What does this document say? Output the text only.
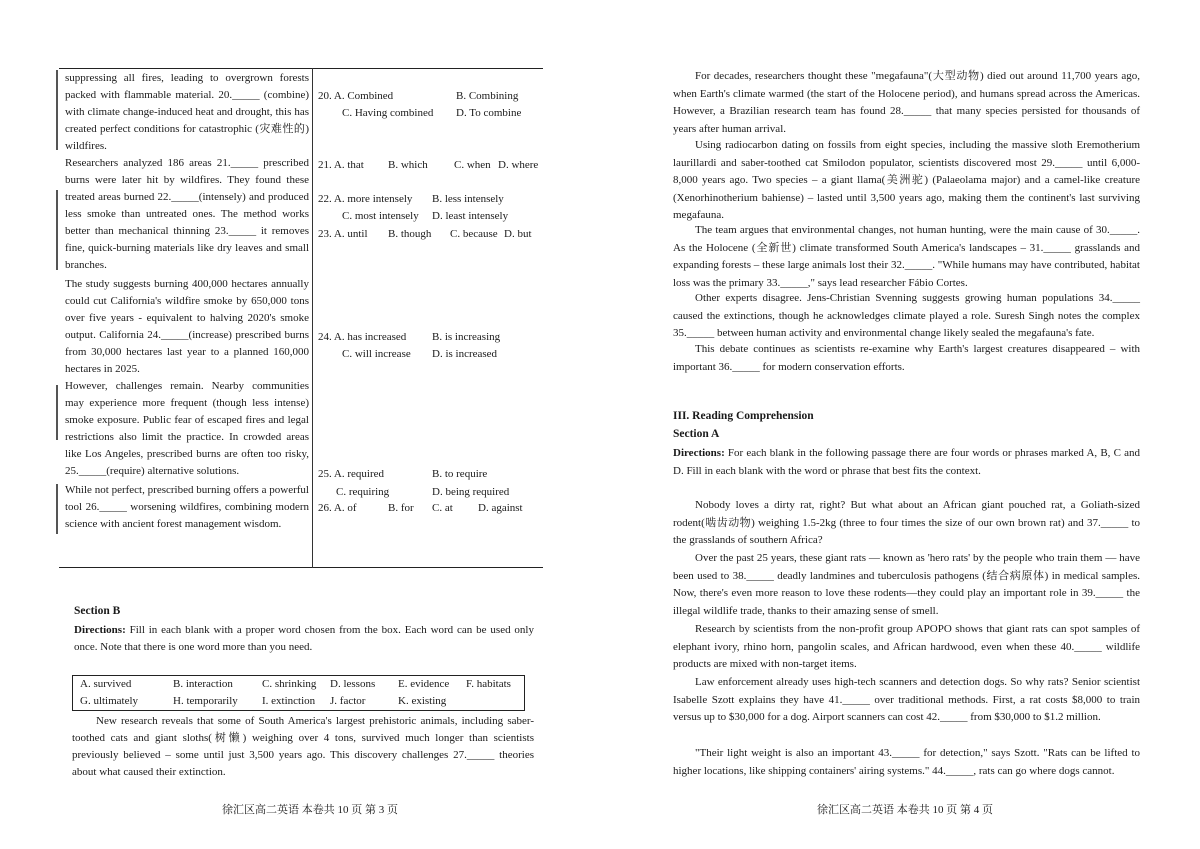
suppressing all fires, leading to overgrown forests packed with flammable material. 20._____ (combine) with climate change-induced heat and drought, this has created perfect conditions for catastrophic (灾难性的) wildfires.
Researchers analyzed 186 areas 21._____ prescribed burns were later hit by wildfires. They found these treated areas burned 22._____(intensely) and produced less smoke than untreated ones. The method works better than mechanical thinning 23._____ it removes fine, quick-burning materials like dry leaves and small branches.
The study suggests burning 400,000 hectares annually could cut California's wildfire smoke by 650,000 tons over five years - equivalent to halving 2020's smoke output. California 24._____(increase) prescribed burns from 30,000 hectares last year to a planned 160,000 hectares in 2025.
However, challenges remain. Nearby communities may experience more frequent (though less intense) smoke exposure. Public fear of escaped fires and legal restrictions also limit the practice. In crowded areas like Los Angeles, prescribed burns are often too risky, 25._____(require) alternative solutions.
While not perfect, prescribed burning offers a powerful tool 26._____ worsening wildfires, combining modern science with ancient forest management wisdom.
20. A. Combined	B. Combining
C. Having combined D. To combine
21. A. that B. which C. when D. where
22. A. more intensely B. less intensely
C. most intensely D. least intensely
23. A. until B. though C. because D. but
24. A. has increased B. is increasing
C. will increase D. is increased
25. A. required	B. to require
C. requiring	D. being required
26. A. of	B. for C. at D. against
Section B
Directions: Fill in each blank with a proper word chosen from the box. Each word can be used only once. Note that there is one word more than you need.
A. survived	B. interaction	C. shrinking D. lessons E. evidence F. habitats
G. ultimately	H. temporarily I. extinction J. factor	K. existing
New research reveals that some of South America's largest prehistoric animals, including saber-toothed cats and giant sloths(树懒) weighing over 4 tons, survived much longer than scientists previously believed – some until just 3,500 years ago. This discovery challenges 27._____ theories about what caused their extinction.
徐汇区高二英语 本卷共 10 页 第 3 页
For decades, researchers thought these "megafauna"(大型动物) died out around 11,700 years ago, when Earth's climate warmed (the start of the Holocene period), and humans spread across the Americas. However, a Brazilian research team has found 28._____ that many species persisted for thousands of years after human arrival.
Using radiocarbon dating on fossils from eight species, including the massive sloth Eremotherium laurillardi and saber-toothed cat Smilodon populator, scientists discovered most 29._____ until 6,000-8,000 years ago. Two species – a giant llama(美洲驼) (Palaeolama major) and a camel-like creature (Xenorhinotherium bahiense) – lasted until 3,500 years ago, making them the continent's last surviving megafauna.
The team argues that environmental changes, not human hunting, were the main cause of 30._____. As the Holocene (全新世) climate transformed South America's landscapes – 31._____ grasslands and expanding forests – these large animals lost their 32._____. "While humans may have contributed, habitat loss was the primary 33._____," says lead researcher Fábio Cortes.
Other experts disagree. Jens-Christian Svenning suggests growing human populations 34._____ caused the extinctions, though he acknowledges climate played a role. Suresh Singh notes the complex 35._____ between human activity and environmental change likely sealed the megafauna's fate.
This debate continues as scientists re-examine why Earth's largest creatures disappeared – with important 36._____ for modern conservation efforts.
III. Reading Comprehension
Section A
Directions: For each blank in the following passage there are four words or phrases marked A, B, C and D. Fill in each blank with the word or phrase that best fits the context.
Nobody loves a dirty rat, right? But what about an African giant pouched rat, a Goliath-sized rodent(啮齿动物) weighing 1.5-2kg (three to four times the size of our own brown rat) and 37._____ to the grasslands of southern Africa?
Over the past 25 years, these giant rats — known as 'hero rats' by the people who train them — have been used to 38._____ deadly landmines and tuberculosis pathogens (结合病原体) in medical samples. Now, there's even more reason to love these rodents—they could play an important role in 39._____ the illegal wildlife trade, thanks to their amazing sense of smell.
Research by scientists from the non-profit group APOPO shows that giant rats can spot samples of elephant ivory, rhino horn, pangolin scales, and African hardwood, even when these 40._____ wildlife products are mixed with non-target items.
Law enforcement already uses high-tech scanners and detection dogs. So why rats? Senior scientist Isabelle Szott explains they have 41._____ over traditional methods. First, a rat costs $8,000 to train versus up to $30,000 for a dog. Airport scanners can cost 42._____ from $30,000 to $1.2 million.
"Their light weight is also an important 43._____ for detection," says Szott. "Rats can be lifted to higher locations, like shipping containers' airing systems." 44._____, rats can go where dogs cannot.
徐汇区高二英语 本卷共 10 页 第 4 页
